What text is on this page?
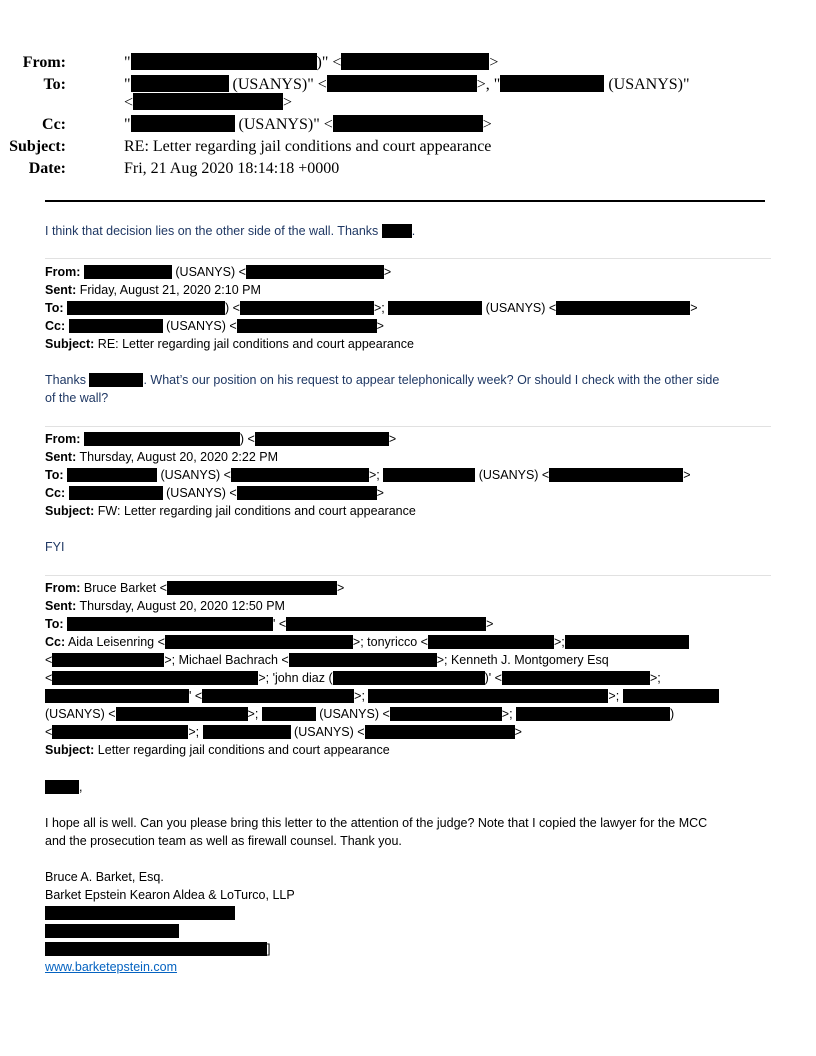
From:	"	)" <	>
To:	"	(USANYS)" <	>, "	(USANYS)"
<	>
Cc:	"	(USANYS)" <	>
Subject:	RE: Letter regarding jail conditions and court appearance
Date:	Fri, 21 Aug 2020 18:14:18 +0000
I think that decision lies on the other side of the wall. Thanks	.
From:	(USANYS) <	>
Sent: Friday, August 21, 2020 2:10 PM
To:	) <	>;	(USANYS) <	>
Cc:	(USANYS) <	>
Subject: RE: Letter regarding jail conditions and court appearance
Thanks	. What’s our position on his request to appear telephonically week? Or should I check with the other side
of the wall?
From:	) <	>
Sent: Thursday, August 20, 2020 2:22 PM
To:	(USANYS) <	>;	(USANYS) <	>
Cc:	(USANYS) <	>
Subject: FW: Letter regarding jail conditions and court appearance
FYI
From: Bruce Barket <	>
Sent: Thursday, August 20, 2020 12:50 PM
To:	' <	>
Cc: Aida Leisenring <	>; tonyricco <	>;
<	>; Michael Bachrach <	>; Kenneth J. Montgomery Esq
<	>; 'john diaz (	)' <	>;
' <	>;	>;
(USANYS) <	>;	(USANYS) <	>;	)
<	>;	(USANYS) <	>
Subject: Letter regarding jail conditions and court appearance
,
I hope all is well. Can you please bring this letter to the attention of the judge? Note that I copied the lawyer for the MCC
and the prosecution team as well as firewall counsel. Thank you.
Bruce A. Barket, Esq.
Barket Epstein Kearon Aldea & LoTurco, LLP
]
www.barketepstein.com
